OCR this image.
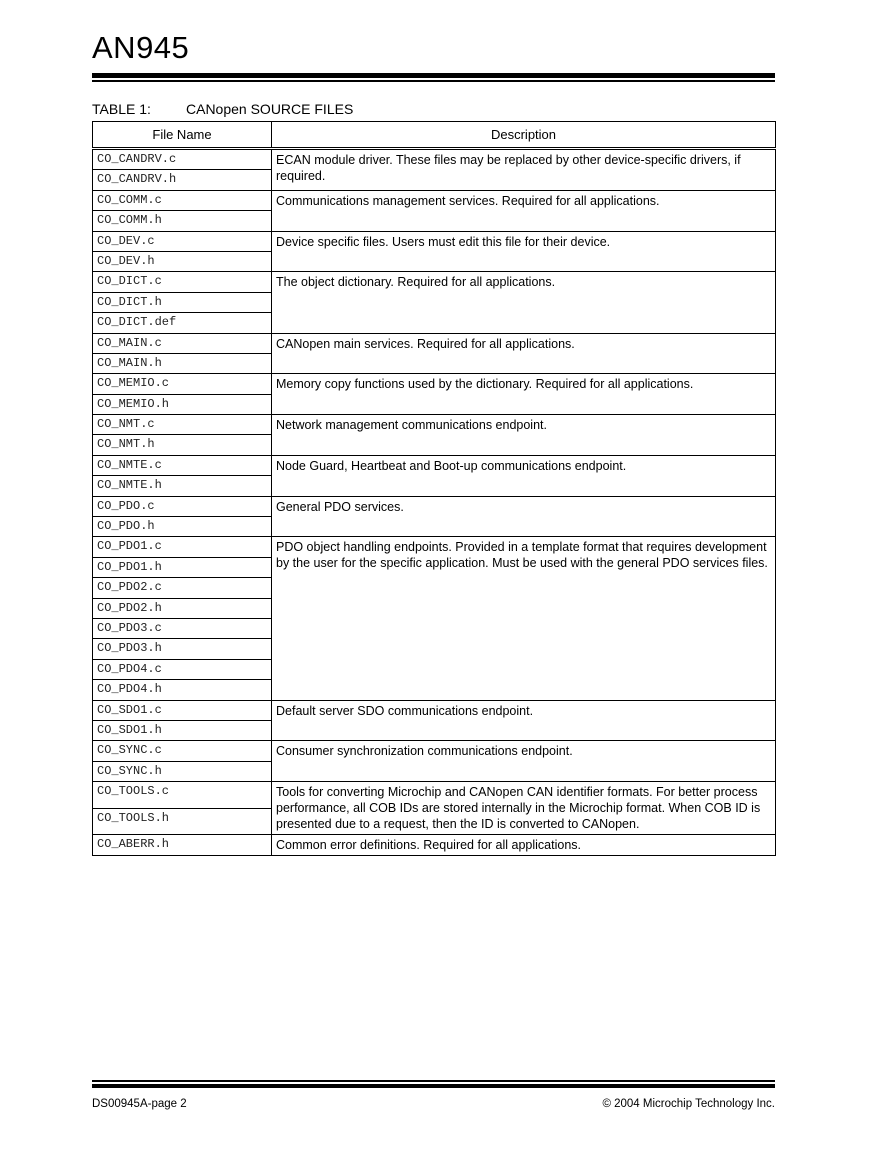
AN945
TABLE 1:	CANopen SOURCE FILES
File Name	Description
CO_CANDRV.c	ECAN module driver. These files may be replaced by other device-specific drivers, if required.
CO_CANDRV.h	
CO_COMM.c	Communications management services. Required for all applications.
CO_COMM.h	
CO_DEV.c	Device specific files. Users must edit this file for their device.
CO_DEV.h	
CO_DICT.c	The object dictionary. Required for all applications.
CO_DICT.h	
CO_DICT.def	
CO_MAIN.c	CANopen main services. Required for all applications.
CO_MAIN.h	
CO_MEMIO.c	Memory copy functions used by the dictionary. Required for all applications.
CO_MEMIO.h	
CO_NMT.c	Network management communications endpoint.
CO_NMT.h	
CO_NMTE.c	Node Guard, Heartbeat and Boot-up communications endpoint.
CO_NMTE.h	
CO_PDO.c	General PDO services.
CO_PDO.h	
CO_PDO1.c	PDO object handling endpoints. Provided in a template format that requires development by the user for the specific application. Must be used with the general PDO services files.
CO_PDO1.h	
CO_PDO2.c	
CO_PDO2.h	
CO_PDO3.c	
CO_PDO3.h	
CO_PDO4.c	
CO_PDO4.h	
CO_SDO1.c	Default server SDO communications endpoint.
CO_SDO1.h	
CO_SYNC.c	Consumer synchronization communications endpoint.
CO_SYNC.h	
CO_TOOLS.c	Tools for converting Microchip and CANopen CAN identifier formats. For better process performance, all COB IDs are stored internally in the Microchip format. When COB ID is presented due to a request, then the ID is converted to CANopen.
CO_TOOLS.h	
CO_ABERR.h	Common error definitions. Required for all applications.
DS00945A-page 2	© 2004 Microchip Technology Inc.
